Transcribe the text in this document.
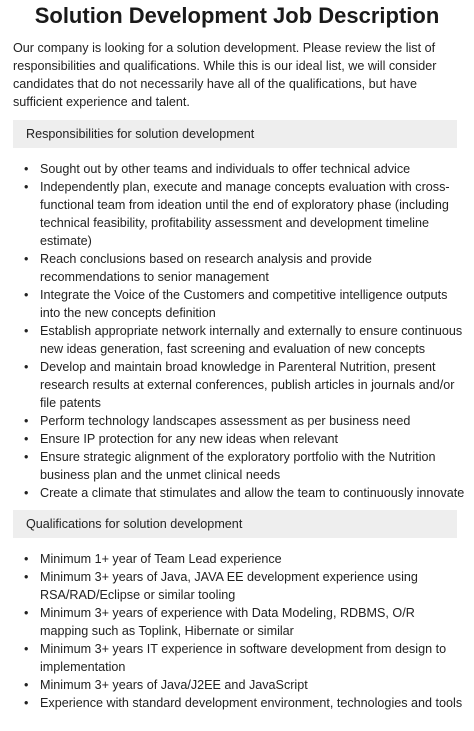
Solution Development Job Description
Our company is looking for a solution development. Please review the list of responsibilities and qualifications. While this is our ideal list, we will consider candidates that do not necessarily have all of the qualifications, but have sufficient experience and talent.
Responsibilities for solution development
• Sought out by other teams and individuals to offer technical advice
• Independently plan, execute and manage concepts evaluation with cross-functional team from ideation until the end of exploratory phase (including technical feasibility, profitability assessment and development timeline estimate)
• Reach conclusions based on research analysis and provide recommendations to senior management
• Integrate the Voice of the Customers and competitive intelligence outputs into the new concepts definition
• Establish appropriate network internally and externally to ensure continuous new ideas generation, fast screening and evaluation of new concepts
• Develop and maintain broad knowledge in Parenteral Nutrition, present research results at external conferences, publish articles in journals and/or file patents
• Perform technology landscapes assessment as per business need
• Ensure IP protection for any new ideas when relevant
• Ensure strategic alignment of the exploratory portfolio with the Nutrition business plan and the unmet clinical needs
• Create a climate that stimulates and allow the team to continuously innovate
Qualifications for solution development
• Minimum 1+ year of Team Lead experience
• Minimum 3+ years of Java, JAVA EE development experience using RSA/RAD/Eclipse or similar tooling
• Minimum 3+ years of experience with Data Modeling, RDBMS, O/R mapping such as Toplink, Hibernate or similar
• Minimum 3+ years IT experience in software development from design to implementation
• Minimum 3+ years of Java/J2EE and JavaScript
• Experience with standard development environment, technologies and tools
